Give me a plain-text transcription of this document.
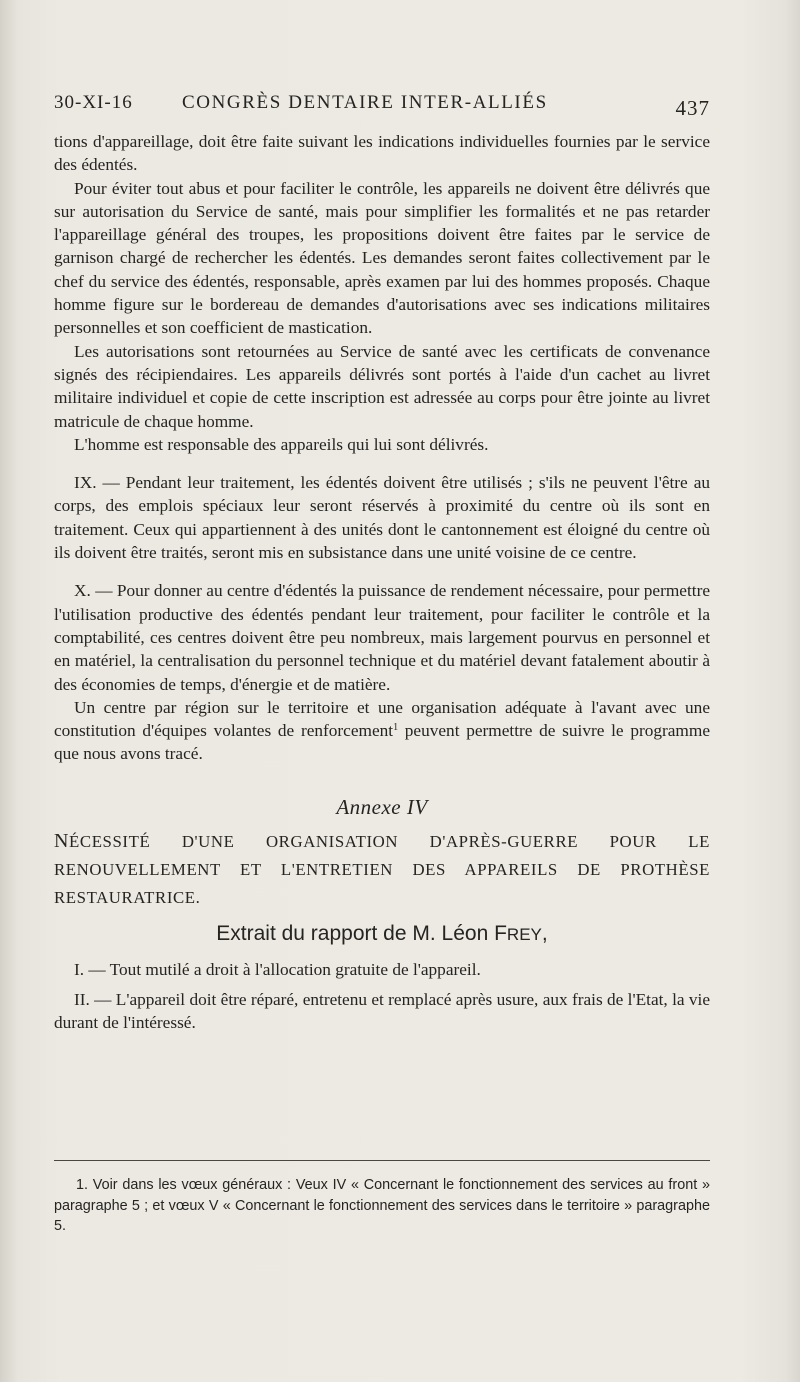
30-XI-16	CONGRÈS DENTAIRE INTER-ALLIÉS	437

tions d'appareillage, doit être faite suivant les indications individuelles fournies par le service des édentés.

Pour éviter tout abus et pour faciliter le contrôle, les appareils ne doivent être délivrés que sur autorisation du Service de santé, mais pour simplifier les formalités et ne pas retarder l'appareillage général des troupes, les propositions doivent être faites par le service de garnison chargé de rechercher les édentés. Les demandes seront faites collectivement par le chef du service des édentés, responsable, après examen par lui des hommes proposés. Chaque homme figure sur le bordereau de demandes d'autorisations avec ses indications militaires personnelles et son coefficient de mastication.

Les autorisations sont retournées au Service de santé avec les certificats de convenance signés des récipiendaires. Les appareils délivrés sont portés à l'aide d'un cachet au livret militaire individuel et copie de cette inscription est adressée au corps pour être jointe au livret matricule de chaque homme.

L'homme est responsable des appareils qui lui sont délivrés.

IX. — Pendant leur traitement, les édentés doivent être utilisés ; s'ils ne peuvent l'être au corps, des emplois spéciaux leur seront réservés à proximité du centre où ils sont en traitement. Ceux qui appartiennent à des unités dont le cantonnement est éloigné du centre où ils doivent être traités, seront mis en subsistance dans une unité voisine de ce centre.

X. — Pour donner au centre d'édentés la puissance de rendement nécessaire, pour permettre l'utilisation productive des édentés pendant leur traitement, pour faciliter le contrôle et la comptabilité, ces centres doivent être peu nombreux, mais largement pourvus en personnel et en matériel, la centralisation du personnel technique et du matériel devant fatalement aboutir à des économies de temps, d'énergie et de matière.

Un centre par région sur le territoire et une organisation adéquate à l'avant avec une constitution d'équipes volantes de renforcement$^1$ peuvent permettre de suivre le programme que nous avons tracé.

Annexe IV
NÉCESSITÉ D'UNE ORGANISATION D'APRÈS-GUERRE POUR LE RENOUVELLEMENT ET L'ENTRETIEN DES APPAREILS DE PROTHÈSE RESTAURATRICE.
Extrait du rapport de M. Léon FREY,

I. — Tout mutilé a droit à l'allocation gratuite de l'appareil.

II. — L'appareil doit être réparé, entretenu et remplacé après usure, aux frais de l'Etat, la vie durant de l'intéressé.

1. Voir dans les vœux généraux : Veux IV « Concernant le fonctionnement des services au front » paragraphe 5 ; et vœux V « Concernant le fonctionnement des services dans le territoire » paragraphe 5.
